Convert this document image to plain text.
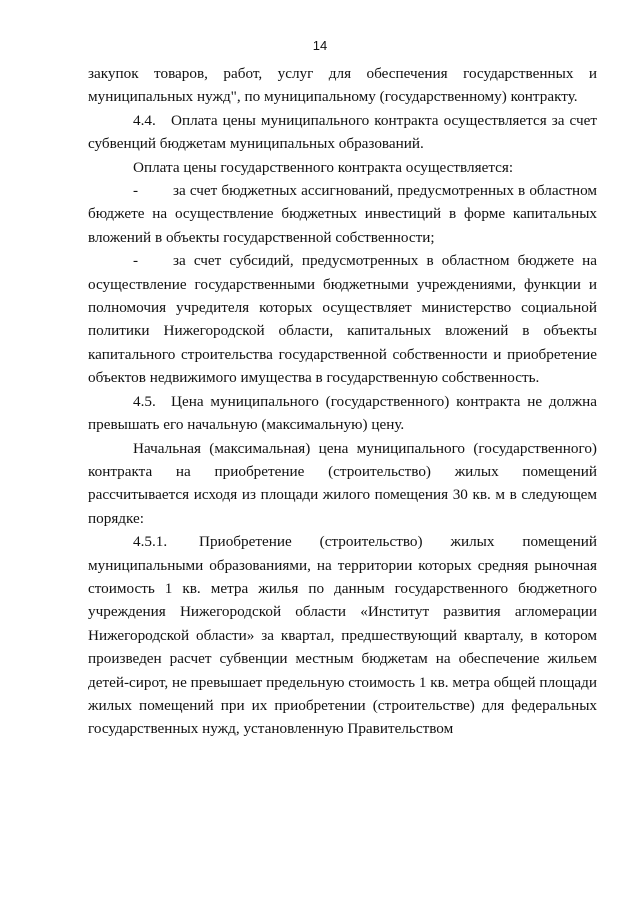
14

закупок товаров, работ, услуг для обеспечения государственных и муниципальных нужд", по муниципальному (государственному) контракту.

4.4. Оплата цены муниципального контракта осуществляется за счет субвенций бюджетам муниципальных образований.

Оплата цены государственного контракта осуществляется:

- за счет бюджетных ассигнований, предусмотренных в областном бюджете на осуществление бюджетных инвестиций в форме капитальных вложений в объекты государственной собственности;

- за счет субсидий, предусмотренных в областном бюджете на осуществление государственными бюджетными учреждениями, функции и полномочия учредителя которых осуществляет министерство социальной политики Нижегородской области, капитальных вложений в объекты капитального строительства государственной собственности и приобретение объектов недвижимого имущества в государственную собственность.

4.5. Цена муниципального (государственного) контракта не должна превышать его начальную (максимальную) цену.

Начальная (максимальная) цена муниципального (государственного) контракта на приобретение (строительство) жилых помещений рассчитывается исходя из площади жилого помещения 30 кв. м в следующем порядке:

4.5.1. Приобретение (строительство) жилых помещений муниципальными образованиями, на территории которых средняя рыночная стоимость 1 кв. метра жилья по данным государственного бюджетного учреждения Нижегородской области «Институт развития агломерации Нижегородской области» за квартал, предшествующий кварталу, в котором произведен расчет субвенции местным бюджетам на обеспечение жильем детей-сирот, не превышает предельную стоимость 1 кв. метра общей площади жилых помещений при их приобретении (строительстве) для федеральных государственных нужд, установленную Правительством
